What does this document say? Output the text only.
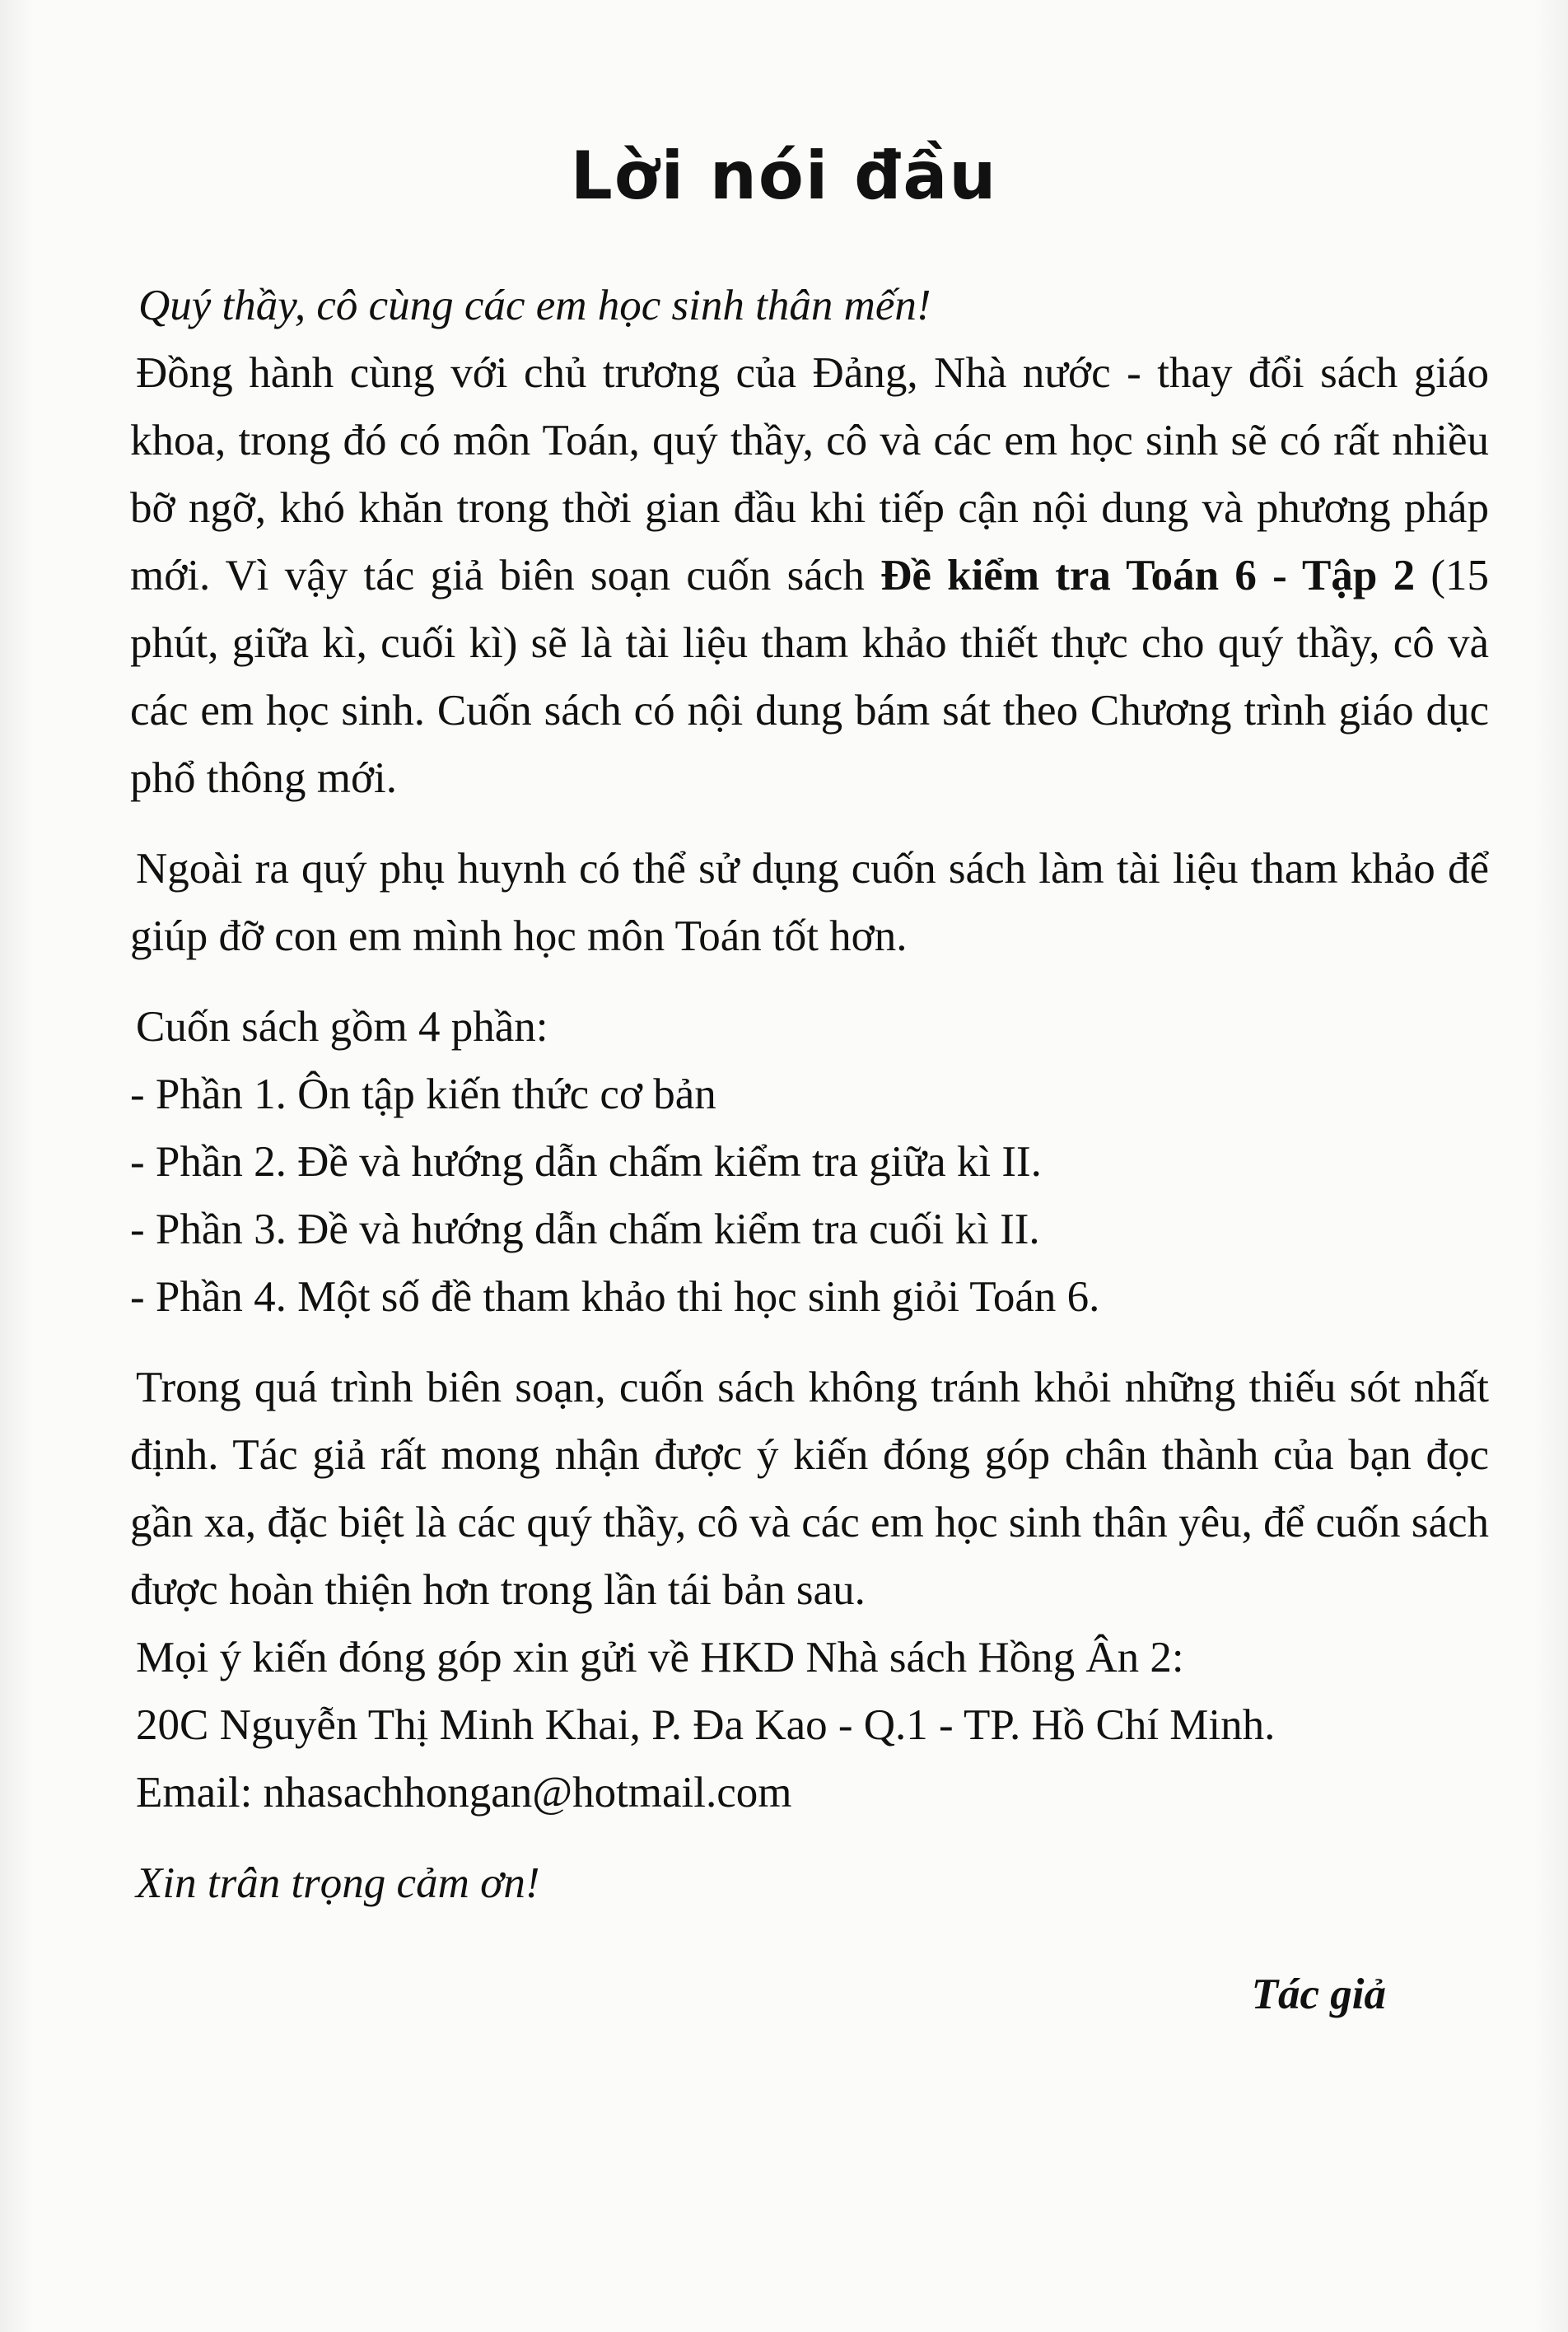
Lời nói đầu

Quý thầy, cô cùng các em học sinh thân mến!

Đồng hành cùng với chủ trương của Đảng, Nhà nước - thay đổi sách giáo khoa, trong đó có môn Toán, quý thầy, cô và các em học sinh sẽ có rất nhiều bỡ ngỡ, khó khăn trong thời gian đầu khi tiếp cận nội dung và phương pháp mới. Vì vậy tác giả biên soạn cuốn sách Đề kiểm tra Toán 6 - Tập 2 (15 phút, giữa kì, cuối kì) sẽ là tài liệu tham khảo thiết thực cho quý thầy, cô và các em học sinh. Cuốn sách có nội dung bám sát theo Chương trình giáo dục phổ thông mới.

Ngoài ra quý phụ huynh có thể sử dụng cuốn sách làm tài liệu tham khảo để giúp đỡ con em mình học môn Toán tốt hơn.

Cuốn sách gồm 4 phần:

- Phần 1. Ôn tập kiến thức cơ bản

- Phần 2. Đề và hướng dẫn chấm kiểm tra giữa kì II.

- Phần 3. Đề và hướng dẫn chấm kiểm tra cuối kì II.

- Phần 4. Một số đề tham khảo thi học sinh giỏi Toán 6.

Trong quá trình biên soạn, cuốn sách không tránh khỏi những thiếu sót nhất định. Tác giả rất mong nhận được ý kiến đóng góp chân thành của bạn đọc gần xa, đặc biệt là các quý thầy, cô và các em học sinh thân yêu, để cuốn sách được hoàn thiện hơn trong lần tái bản sau.

Mọi ý kiến đóng góp xin gửi về HKD Nhà sách Hồng Ân 2:

20C Nguyễn Thị Minh Khai, P. Đa Kao - Q.1 - TP. Hồ Chí Minh.

Email: nhasachhongan@hotmail.com

Xin trân trọng cảm ơn!

Tác giả
